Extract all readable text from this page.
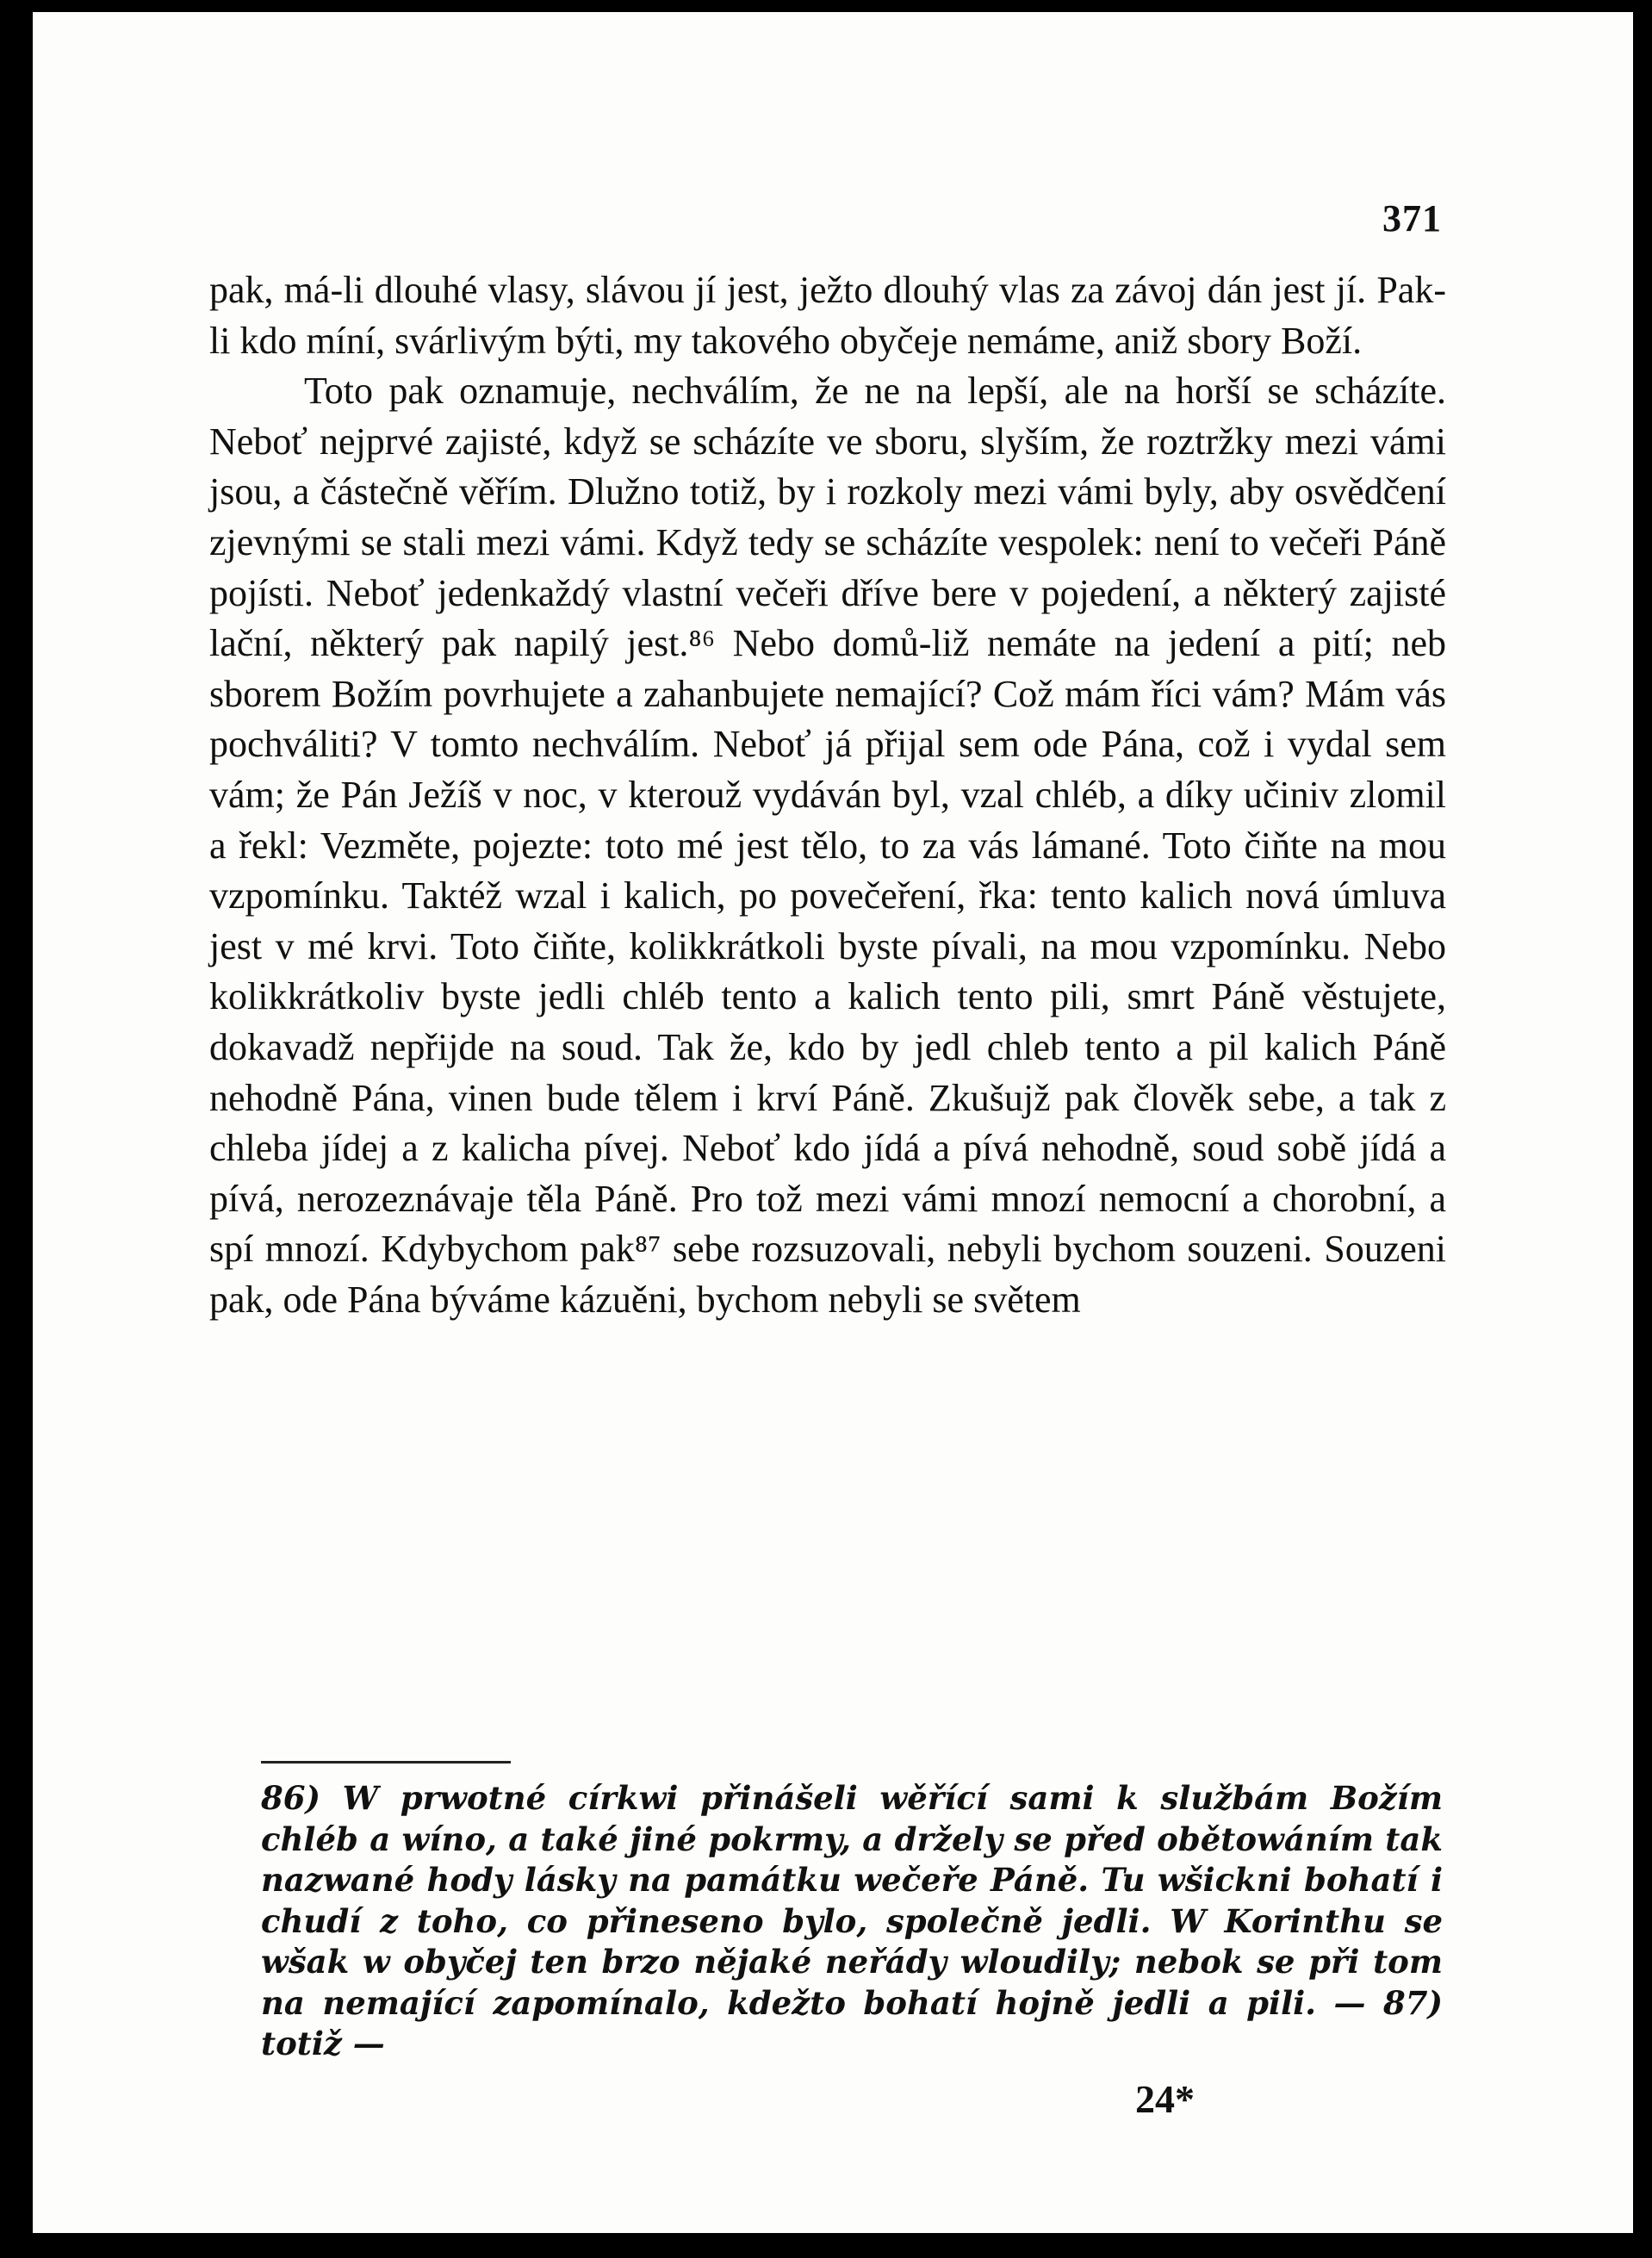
371

pak, má-li dlouhé vlasy, slávou jí jest, ježto dlouhý vlas za závoj dán jest jí. Pak-li kdo míní, svárlivým býti, my takového obyčeje nemáme, aniž sbory Boží.

Toto pak oznamuje, nechválím, že ne na lepší, ale na horší se scházíte. Neboť nejprvé zajisté, když se scházíte ve sboru, slyším, že roztržky mezi vámi jsou, a částečně věřím. Dlužno totiž, by i rozkoly mezi vámi byly, aby osvědčení zjevnými se stali mezi vámi. Když tedy se scházíte vespolek: není to večeři Páně pojísti. Neboť jedenkaždý vlastní večeři dříve bere v pojedení, a některý zajisté lační, některý pak napilý jest.⁸⁶ Nebo domů-liž nemáte na jedení a pití; neb sborem Božím povrhujete a zahanbujete nemající? Což mám říci vám? Mám vás pochváliti? V tomto nechválím. Neboť já přijal sem ode Pána, což i vydal sem vám; že Pán Ježíš v noc, v kterouž vydáván byl, vzal chléb, a díky učiniv zlomil a řekl: Vezměte, pojezte: toto mé jest tělo, to za vás lámané. Toto čiňte na mou vzpomínku. Taktéž wzal i kalich, po povečeření, řka: tento kalich nová úmluva jest v mé krvi. Toto čiňte, kolikkrátkoli byste pívali, na mou vzpomínku. Nebo kolikkrátkoliv byste jedli chléb tento a kalich tento pili, smrt Páně věstujete, dokavadž nepřijde na soud. Tak že, kdo by jedl chleb tento a pil kalich Páně nehodně Pána, vinen bude tělem i krví Páně. Zkušujž pak člověk sebe, a tak z chleba jídej a z kalicha pívej. Neboť kdo jídá a pívá nehodně, soud sobě jídá a pívá, nerozeznávaje těla Páně. Pro tož mezi vámi mnozí nemocní a chorobní, a spí mnozí. Kdybychom pak⁸⁷ sebe rozsuzovali, nebyli bychom souzeni. Souzeni pak, ode Pána býváme kázuěni, bychom nebyli se světem

86) W prwotné církwi přinášeli wěřící sami k službám Božím chléb a wíno, a také jiné pokrmy, a držely se před obětowáním tak nazwané hody lásky na památku wečeře Páně. Tu wšickni bohatí i chudí z toho, co přineseno bylo, společně jedli. W Korinthu se wšak w obyčej ten brzo nějaké neřády wloudily; nebok se při tom na nemající zapomínalo, kdežto bohatí hojně jedli a pili. — 87) totiž —
24*
